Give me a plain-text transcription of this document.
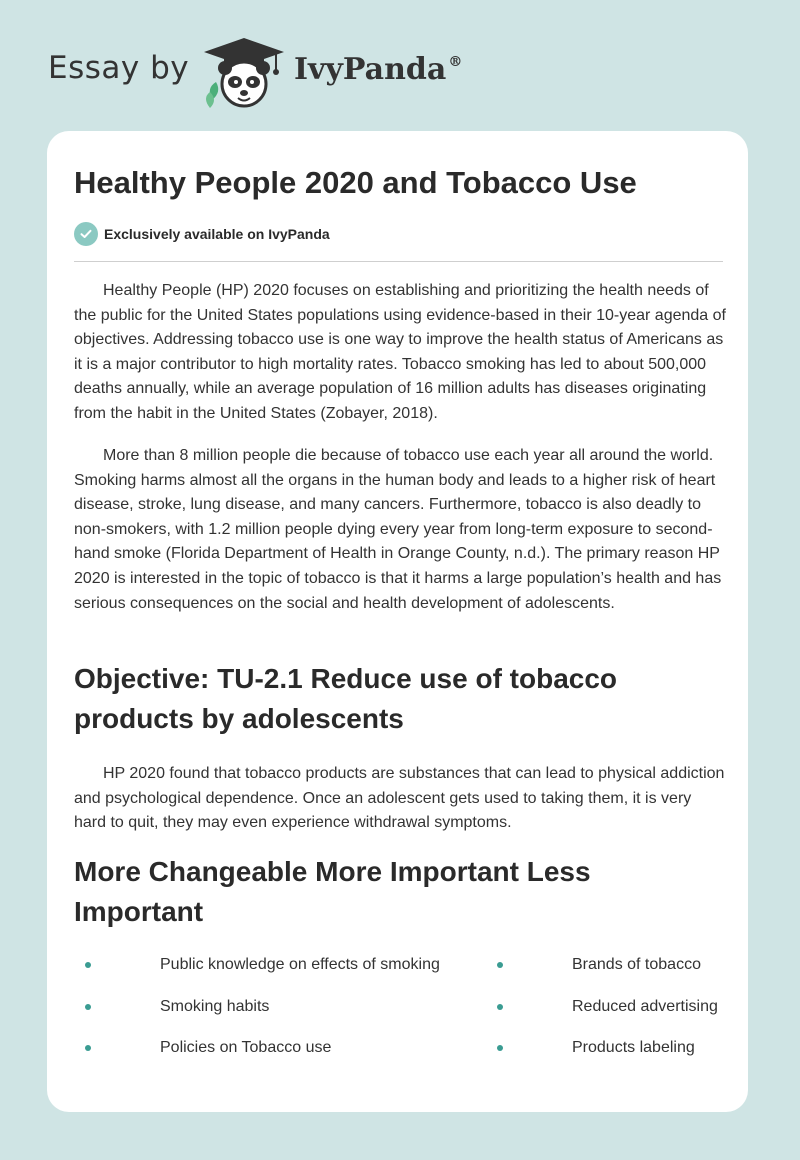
Essay by	IvyPanda ®
Healthy People 2020 and Tobacco Use
Exclusively available on IvyPanda

Healthy People (HP) 2020 focuses on establishing and prioritizing the health needs of the public for the United States populations using evidence-based in their 10-year agenda of objectives. Addressing tobacco use is one way to improve the health status of Americans as it is a major contributor to high mortality rates. Tobacco smoking has led to about 500,000 deaths annually, while an average population of 16 million adults has diseases originating from the habit in the United States (Zobayer, 2018).

More than 8 million people die because of tobacco use each year all around the world. Smoking harms almost all the organs in the human body and leads to a higher risk of heart disease, stroke, lung disease, and many cancers. Furthermore, tobacco is also deadly to non-smokers, with 1.2 million people dying every year from long-term exposure to second-hand smoke (Florida Department of Health in Orange County, n.d.). The primary reason HP 2020 is interested in the topic of tobacco is that it harms a large population’s health and has serious consequences on the social and health development of adolescents.

Objective: TU-2.1 Reduce use of tobacco products by adolescents

HP 2020 found that tobacco products are substances that can lead to physical addiction and psychological dependence. Once an adolescent gets used to taking them, it is very hard to quit, they may even experience withdrawal symptoms.

More Changeable More Important Less Important
Public knowledge on effects of smoking
Smoking habits
Policies on Tobacco use
Brands of tobacco
Reduced advertising
Products labeling
